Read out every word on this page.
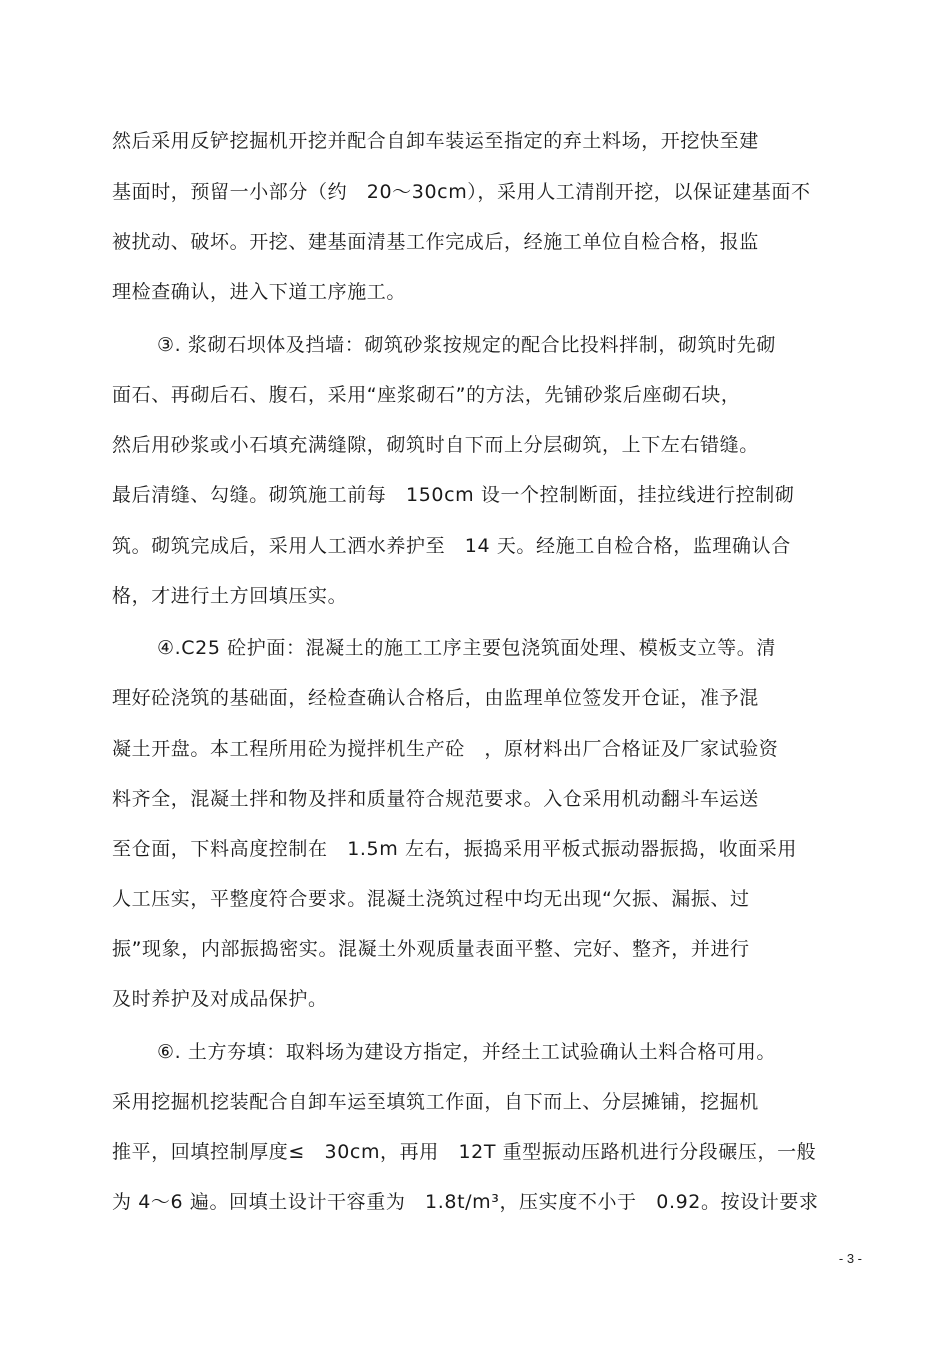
然后采用反铲挖掘机开挖并配合自卸车装运至指定的弃土料场，开挖快至建
基面时，预留一小部分（约　20～30cm），采用人工清削开挖，以保证建基面不
被扰动、破坏。开挖、建基面清基工作完成后，经施工单位自检合格，报监
理检查确认，进入下道工序施工。
③. 浆砌石坝体及挡墙：砌筑砂浆按规定的配合比投料拌制，砌筑时先砌
面石、再砌后石、腹石，采用“座浆砌石”的方法，先铺砂浆后座砌石块，
然后用砂浆或小石填充满缝隙，砌筑时自下而上分层砌筑，上下左右错缝。
最后清缝、勾缝。砌筑施工前每　150cm 设一个控制断面，挂拉线进行控制砌
筑。砌筑完成后，采用人工洒水养护至　14 天。经施工自检合格，监理确认合
格，才进行土方回填压实。
④.C25 砼护面：混凝土的施工工序主要包浇筑面处理、模板支立等。清
理好砼浇筑的基础面，经检查确认合格后，由监理单位签发开仓证，准予混
凝土开盘。本工程所用砼为搅拌机生产砼　，原材料出厂合格证及厂家试验资
料齐全，混凝土拌和物及拌和质量符合规范要求。入仓采用机动翻斗车运送
至仓面，下料高度控制在　1.5m 左右，振捣采用平板式振动器振捣，收面采用
人工压实，平整度符合要求。混凝土浇筑过程中均无出现“欠振、漏振、过
振”现象，内部振捣密实。混凝土外观质量表面平整、完好、整齐，并进行
及时养护及对成品保护。
⑥. 土方夯填：取料场为建设方指定，并经土工试验确认土料合格可用。
采用挖掘机挖装配合自卸车运至填筑工作面，自下而上、分层摊铺，挖掘机
推平，回填控制厚度≤　30cm，再用　12T 重型振动压路机进行分段碾压，一般
为 4～6 遍。回填土设计干容重为　1.8t/m³，压实度不小于　0.92。按设计要求
- 3 -
